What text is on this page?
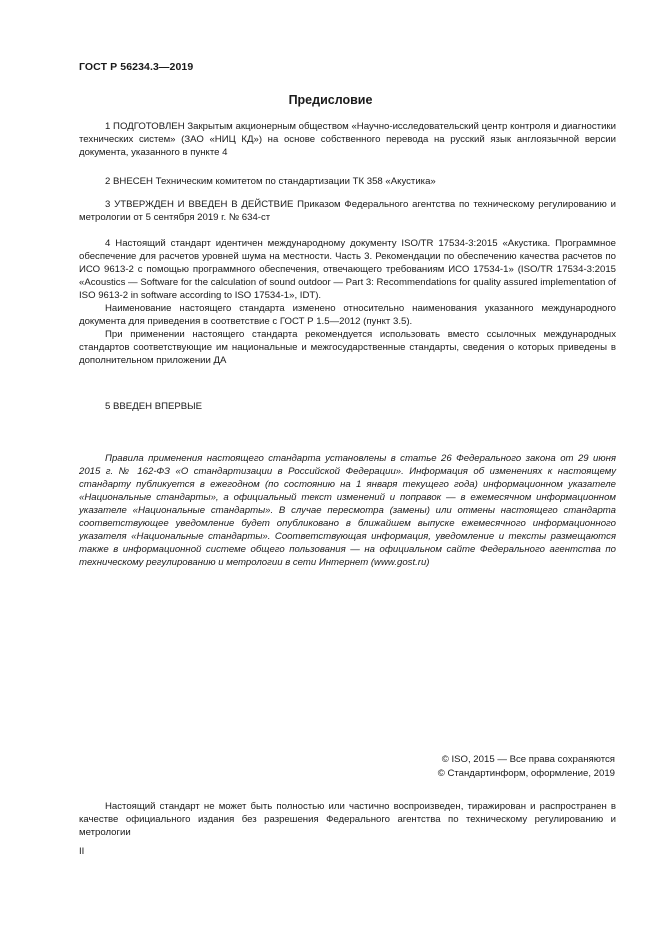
ГОСТ Р 56234.3—2019
Предисловие

1 ПОДГОТОВЛЕН Закрытым акционерным обществом «Научно-исследовательский центр контроля и диагностики технических систем» (ЗАО «НИЦ КД») на основе собственного перевода на русский язык англоязычной версии документа, указанного в пункте 4

2 ВНЕСЕН Техническим комитетом по стандартизации ТК 358 «Акустика»

3 УТВЕРЖДЕН И ВВЕДЕН В ДЕЙСТВИЕ Приказом Федерального агентства по техническому регулированию и метрологии от 5 сентября 2019 г. № 634-ст

4 Настоящий стандарт идентичен международному документу ISO/TR 17534-3:2015 «Акустика. Программное обеспечение для расчетов уровней шума на местности. Часть 3. Рекомендации по обеспечению качества расчетов по ИСО 9613-2 с помощью программного обеспечения, отвечающего требованиям ИСО 17534-1» (ISO/TR 17534-3:2015 «Acoustics — Software for the calculation of sound outdoor — Part 3: Recommendations for quality assured implementation of ISO 9613-2 in software according to ISO 17534-1», IDT).

Наименование настоящего стандарта изменено относительно наименования указанного международного документа для приведения в соответствие с ГОСТ Р 1.5—2012 (пункт 3.5).

При применении настоящего стандарта рекомендуется использовать вместо ссылочных международных стандартов соответствующие им национальные и межгосударственные стандарты, сведения о которых приведены в дополнительном приложении ДА

5 ВВЕДЕН ВПЕРВЫЕ

Правила применения настоящего стандарта установлены в статье 26 Федерального закона от 29 июня 2015 г. № 162-ФЗ «О стандартизации в Российской Федерации». Информация об изменениях к настоящему стандарту публикуется в ежегодном (по состоянию на 1 января текущего года) информационном указателе «Национальные стандарты», а официальный текст изменений и поправок — в ежемесячном информационном указателе «Национальные стандарты». В случае пересмотра (замены) или отмены настоящего стандарта соответствующее уведомление будет опубликовано в ближайшем выпуске ежемесячного информационного указателя «Национальные стандарты». Соответствующая информация, уведомление и тексты размещаются также в информационной системе общего пользования — на официальном сайте Федерального агентства по техническому регулированию и метрологии в сети Интернет (www.gost.ru)
© ISO, 2015 — Все права сохраняются
© Стандартинформ, оформление, 2019
Настоящий стандарт не может быть полностью или частично воспроизведен, тиражирован и распространен в качестве официального издания без разрешения Федерального агентства по техническому регулированию и метрологии
II
